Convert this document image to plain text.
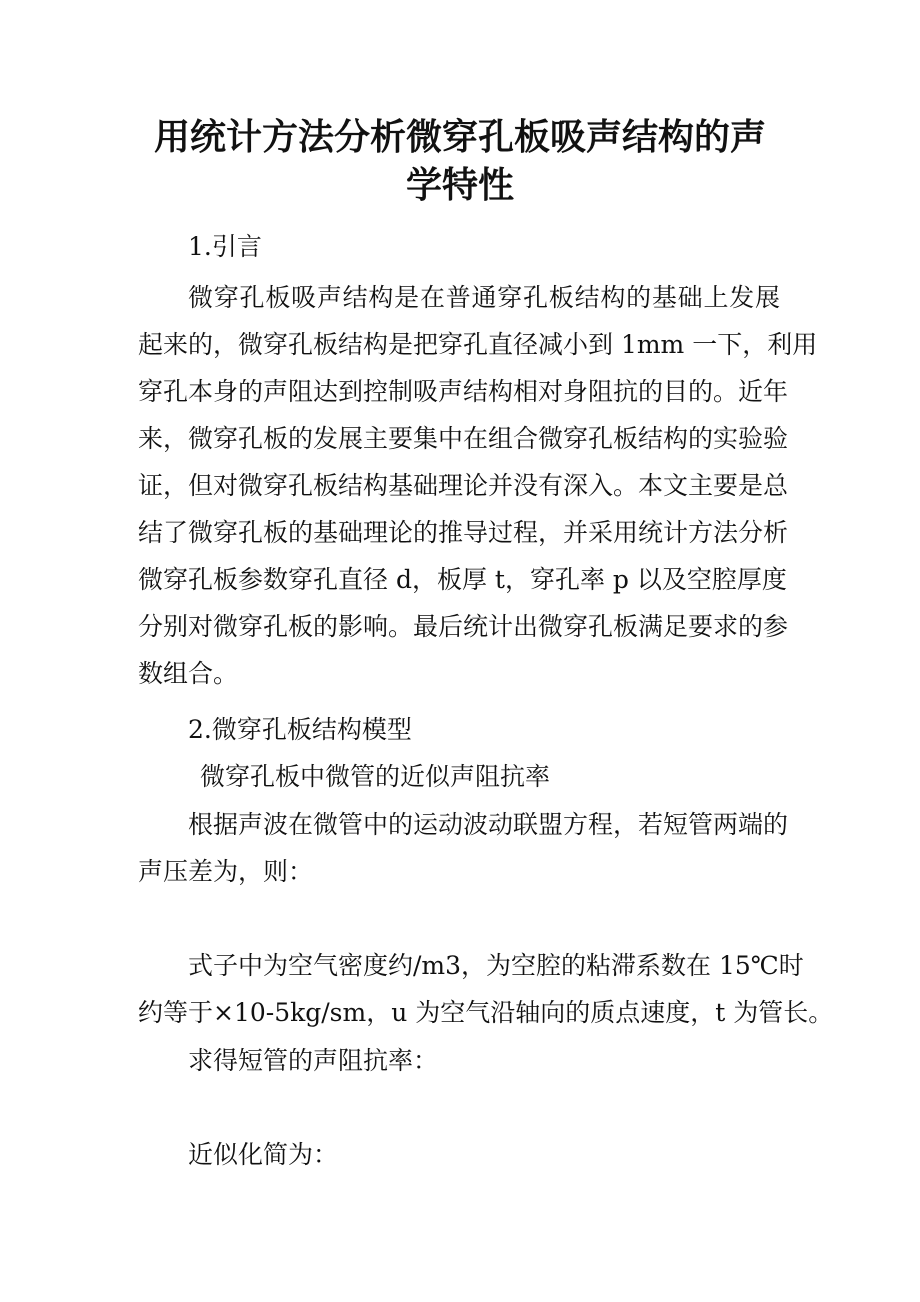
用统计方法分析微穿孔板吸声结构的声
学特性
1.引言
微穿孔板吸声结构是在普通穿孔板结构的基础上发展
起来的，微穿孔板结构是把穿孔直径减小到 1mm 一下，利用
穿孔本身的声阻达到控制吸声结构相对身阻抗的目的。近年
来，微穿孔板的发展主要集中在组合微穿孔板结构的实验验
证，但对微穿孔板结构基础理论并没有深入。本文主要是总
结了微穿孔板的基础理论的推导过程，并采用统计方法分析
微穿孔板参数穿孔直径 d，板厚 t，穿孔率 p 以及空腔厚度
分别对微穿孔板的影响。最后统计出微穿孔板满足要求的参
数组合。
2.微穿孔板结构模型
微穿孔板中微管的近似声阻抗率
根据声波在微管中的运动波动联盟方程，若短管两端的
声压差为，则：
式子中为空气密度约/m3，为空腔的粘滞系数在 15℃时
约等于×10-5kg/sm，u 为空气沿轴向的质点速度，t 为管长。
求得短管的声阻抗率：
近似化简为：
